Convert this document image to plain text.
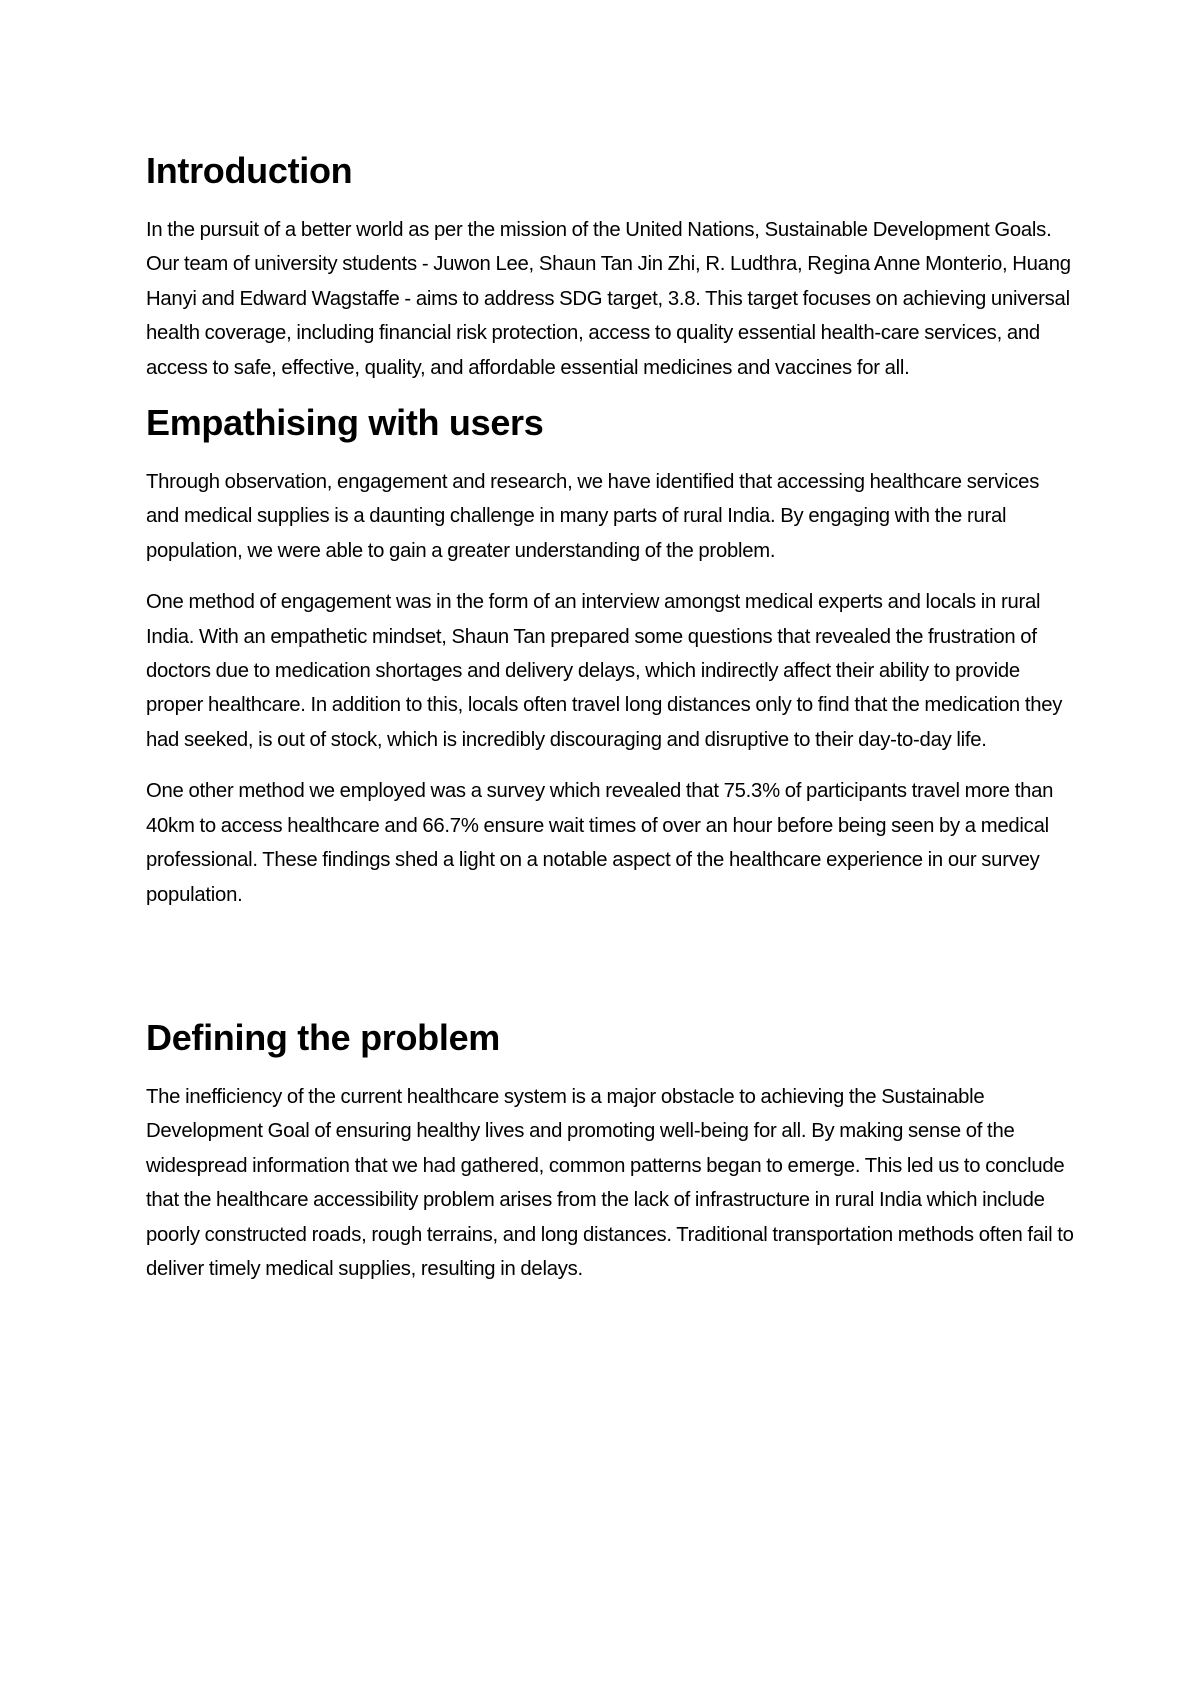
Introduction

In the pursuit of a better world as per the mission of the United Nations, Sustainable Development Goals. Our team of university students - Juwon Lee, Shaun Tan Jin Zhi, R. Ludthra, Regina Anne Monterio, Huang Hanyi and Edward Wagstaffe - aims to address SDG target, 3.8. This target focuses on achieving universal health coverage, including financial risk protection, access to quality essential health-care services, and access to safe, effective, quality, and affordable essential medicines and vaccines for all.

Empathising with users

Through observation, engagement and research, we have identified that accessing healthcare services and medical supplies is a daunting challenge in many parts of rural India. By engaging with the rural population, we were able to gain a greater understanding of the problem.

One method of engagement was in the form of an interview amongst medical experts and locals in rural India. With an empathetic mindset, Shaun Tan prepared some questions that revealed the frustration of doctors due to medication shortages and delivery delays, which indirectly affect their ability to provide proper healthcare. In addition to this, locals often travel long distances only to find that the medication they had seeked, is out of stock, which is incredibly discouraging and disruptive to their day-to-day life.

One other method we employed was a survey which revealed that 75.3% of participants travel more than 40km to access healthcare and 66.7% ensure wait times of over an hour before being seen by a medical professional. These findings shed a light on a notable aspect of the healthcare experience in our survey population.

Defining the problem

The inefficiency of the current healthcare system is a major obstacle to achieving the Sustainable Development Goal of ensuring healthy lives and promoting well-being for all. By making sense of the widespread information that we had gathered, common patterns began to emerge. This led us to conclude that the healthcare accessibility problem arises from the lack of infrastructure in rural India which include poorly constructed roads, rough terrains, and long distances. Traditional transportation methods often fail to deliver timely medical supplies, resulting in delays.
